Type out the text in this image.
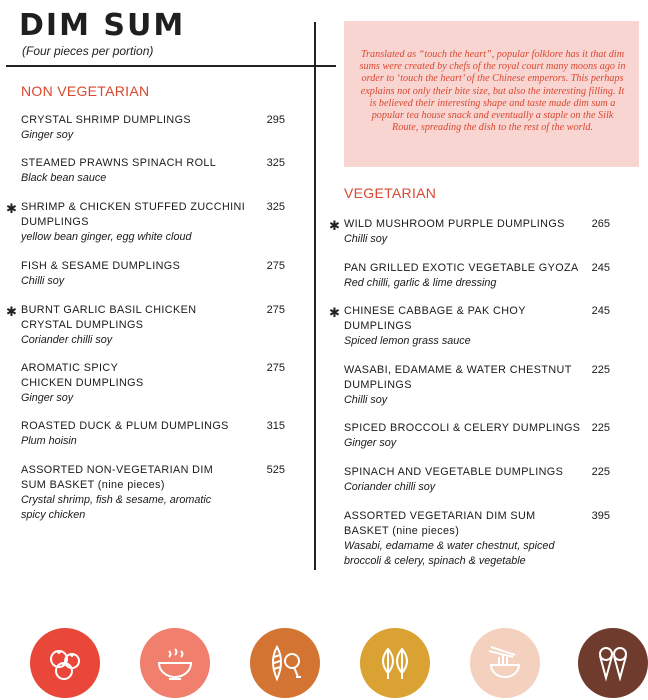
DIM SUM
(Four pieces per portion)	Translated as “touch the heart”, popular folklore has it that dim sums were created by chefs of the royal court many moons ago in order to ‘touch the heart’ of the Chinese emperors. This perhaps explains not only their bite size, but also the interesting filling. It is believed their interesting shape and taste made dim sum a popular tea house snack and eventually a staple on the Silk Route, spreading the dish to the rest of the world.
NON VEGETARIAN
VEGETARIAN
CRYSTAL SHRIMP DUMPLINGS
Ginger soy
295
STEAMED PRAWNS SPINACH ROLL
Black bean sauce
325
✱ SHRIMP & CHICKEN STUFFED ZUCCHINI DUMPLINGS
yellow bean ginger, egg white cloud
325
FISH & SESAME DUMPLINGS
Chilli soy
275
✱ BURNT GARLIC BASIL CHICKEN CRYSTAL DUMPLINGS
Coriander chilli soy
275
AROMATIC SPICY CHICKEN DUMPLINGS
Ginger soy
275
ROASTED DUCK & PLUM DUMPLINGS
Plum hoisin
315
ASSORTED NON-VEGETARIAN DIM SUM BASKET (nine pieces)
Crystal shrimp, fish & sesame, aromatic spicy chicken
525
✱ WILD MUSHROOM PURPLE DUMPLINGS
Chilli soy
265
PAN GRILLED EXOTIC VEGETABLE GYOZA
Red chilli, garlic & lime dressing
245
✱ CHINESE CABBAGE & PAK CHOY DUMPLINGS
Spiced lemon grass sauce
245
WASABI, EDAMAME & WATER CHESTNUT DUMPLINGS
Chilli soy
225
SPICED BROCCOLI & CELERY DUMPLINGS
Ginger soy
225
SPINACH AND VEGETABLE DUMPLINGS
Coriander chilli soy
225
ASSORTED VEGETARIAN DIM SUM BASKET (nine pieces)
Wasabi, edamame & water chestnut, spiced broccoli & celery, spinach & vegetable
395
